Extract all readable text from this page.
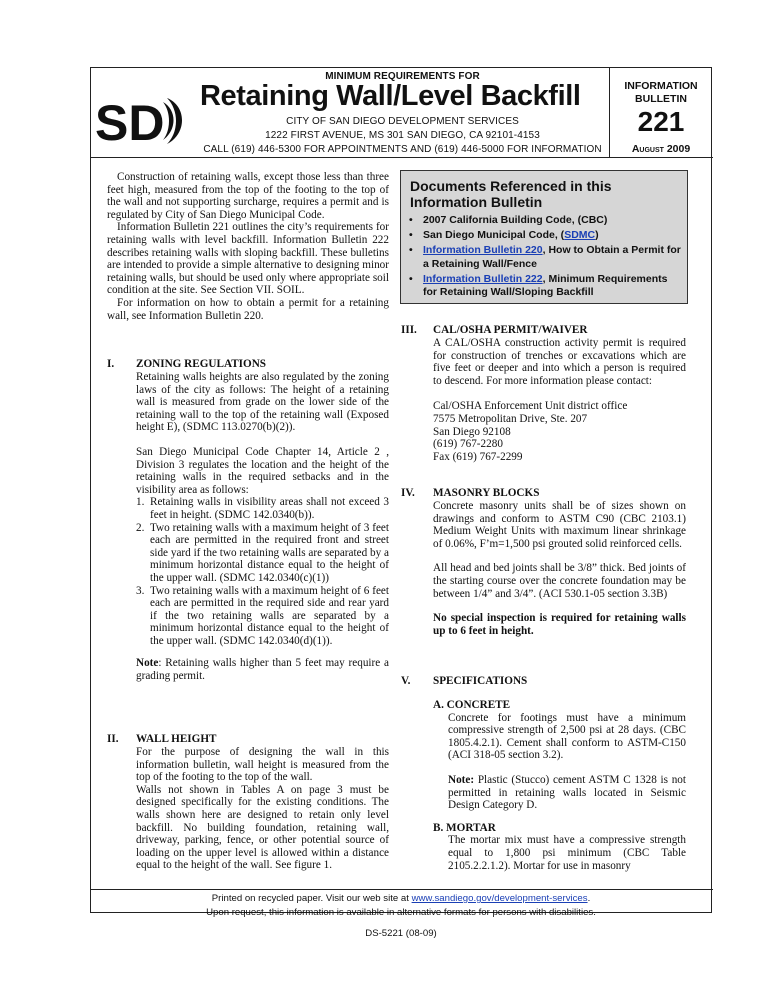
SD
MINIMUM REQUIREMENTS FOR
Retaining Wall/Level Backfill
CITY OF SAN DIEGO DEVELOPMENT SERVICES
1222 FIRST AVENUE, MS 301 SAN DIEGO, CA 92101-4153
CALL (619) 446-5300 FOR APPOINTMENTS AND (619) 446-5000 FOR INFORMATION
INFORMATION
BULLETIN
221
August 2009
Construction of retaining walls, except those less than three feet high, measured from the top of the footing to the top of the wall and not supporting surcharge, requires a permit and is regulated by City of San Diego Municipal Code.
Information Bulletin 221 outlines the city’s requirements for retaining walls with level backfill. Information Bulletin 222 describes retaining walls with sloping backfill. These bulletins are intended to provide a simple alternative to designing minor retaining walls, but should be used only where appropriate soil condition at the site. See Section VII. SOIL.
For information on how to obtain a permit for a retaining wall, see Information Bulletin 220.
I. ZONING REGULATIONS
Retaining walls heights are also regulated by the zoning laws of the city as follows: The height of a retaining wall is measured from grade on the lower side of the retaining wall to the top of the retaining wall (Exposed height E), (SDMC 113.0270(b)(2)).
San Diego Municipal Code Chapter 14, Article 2 , Division 3 regulates the location and the height of the retaining walls in the required setbacks and in the visibility area as follows:
1. Retaining walls in visibility areas shall not exceed 3 feet in height. (SDMC 142.0340(b)).
2. Two retaining walls with a maximum height of 3 feet each are permitted in the required front and street side yard if the two retaining walls are separated by a minimum horizontal distance equal to the height of the upper wall. (SDMC 142.0340(c)(1))
3. Two retaining walls with a maximum height of 6 feet each are permitted in the required side and rear yard if the two retaining walls are separated by a minimum horizontal distance equal to the height of the upper wall. (SDMC 142.0340(d)(1)).
Note: Retaining walls higher than 5 feet may require a grading permit.
II. WALL HEIGHT
For the purpose of designing the wall in this information bulletin, wall height is measured from the top of the footing to the top of the wall.
Walls not shown in Tables A on page 3 must be designed specifically for the existing conditions. The walls shown here are designed to retain only level backfill. No building foundation, retaining wall, driveway, parking, fence, or other potential source of loading on the upper level is allowed within a distance equal to the height of the wall. See figure 1.
Documents Referenced in this Information Bulletin
• 2007 California Building Code, (CBC)
• San Diego Municipal Code, (SDMC)
• Information Bulletin 220, How to Obtain a Permit for a Retaining Wall/Fence
• Information Bulletin 222, Minimum Requirements for Retaining Wall/Sloping Backfill
III. CAL/OSHA PERMIT/WAIVER
A CAL/OSHA construction activity permit is required for construction of trenches or excavations which are five feet or deeper and into which a person is required to descend. For more information please contact:
Cal/OSHA Enforcement Unit district office
7575 Metropolitan Drive, Ste. 207
San Diego 92108
(619) 767-2280
Fax (619) 767-2299
IV. MASONRY BLOCKS
Concrete masonry units shall be of sizes shown on drawings and conform to ASTM C90 (CBC 2103.1) Medium Weight Units with maximum linear shrinkage of 0.06%, F’m=1,500 psi grouted solid reinforced cells.
All head and bed joints shall be 3/8” thick. Bed joints of the starting course over the concrete foundation may be between 1/4” and 3/4”. (ACI 530.1-05 section 3.3B)
No special inspection is required for retaining walls up to 6 feet in height.
V. SPECIFICATIONS
A. CONCRETE
Concrete for footings must have a minimum compressive strength of 2,500 psi at 28 days. (CBC 1805.4.2.1). Cement shall conform to ASTM-C150 (ACI 318-05 section 3.2).
Note: Plastic (Stucco) cement ASTM C 1328 is not permitted in retaining walls located in Seismic Design Category D.
B. MORTAR
The mortar mix must have a compressive strength equal to 1,800 psi minimum (CBC Table 2105.2.2.1.2). Mortar for use in masonry
Printed on recycled paper. Visit our web site at www.sandiego.gov/development-services.
Upon request, this information is available in alternative formats for persons with disabilities.
DS-5221 (08-09)
